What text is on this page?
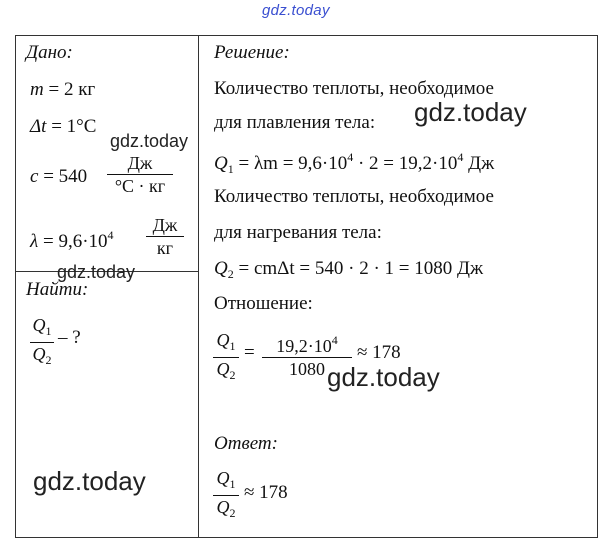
gdz.today
Дано:
m = 2 кг
Δt = 1°C
c = 540
Дж
°С · кг
$\lambda = 9,6\cdot 10^4$	Дж
кг
Найти:
$Q_1$
$Q_2$
– ?
Решение:
Количество теплоты, необходимое
для плавления тела:
$Q_1 = \lambda m = 9,6\cdot 10^4 \cdot 2 = 19,2\cdot 10^4$ Дж
Количество теплоты, необходимое
для нагревания тела:
$Q_2 = cm\Delta t = 540 \cdot 2 \cdot 1 = 1080$ Дж
Отношение:
$Q_1$
$Q_2$
=	$19,2\cdot 10^4$
1080
≈ 178
Ответ:
$Q_1$
$Q_2$
≈ 178
gdz.today
gdz.today
gdz.today
gdz.today
gdz.today
